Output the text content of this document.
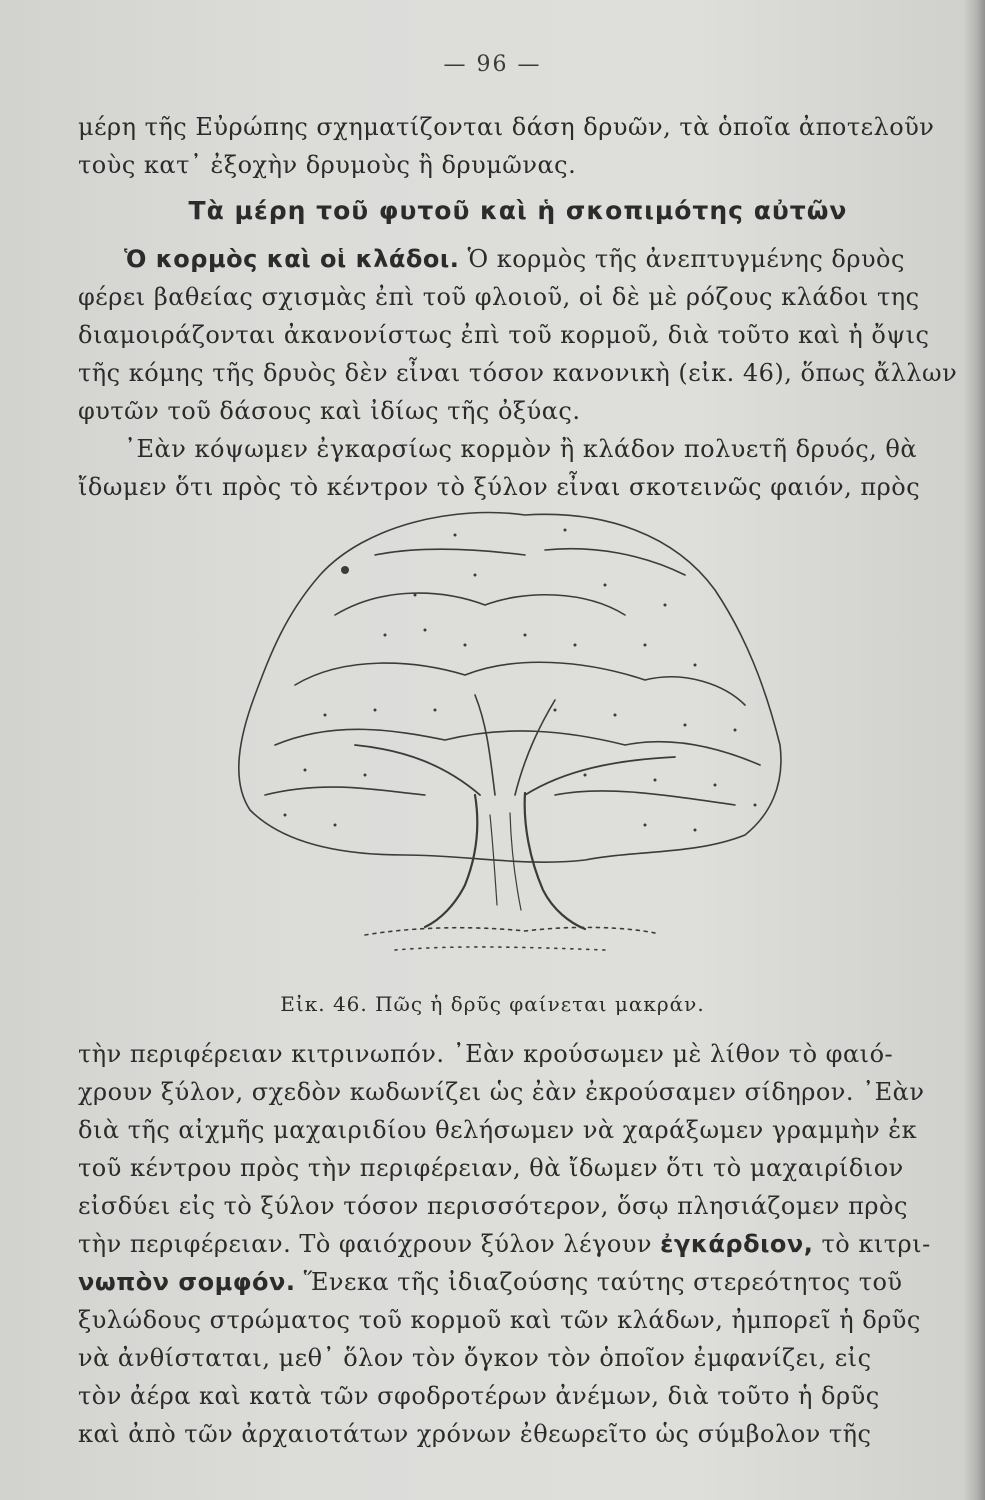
— 96 —
μέρη τῆς Εὐρώπης σχηματίζονται δάση δρυῶν, τὰ ὁποῖα ἀποτελοῦν
τοὺς κατ᾿ ἐξοχὴν δρυμοὺς ἢ δρυμῶνας.
Τὰ μέρη τοῦ φυτοῦ καὶ ἡ σκοπιμότης αὐτῶν
Ὁ κορμὸς καὶ οἱ κλάδοι. Ὁ κορμὸς τῆς ἀνεπτυγμένης δρυὸς
φέρει βαθείας σχισμὰς ἐπὶ τοῦ φλοιοῦ, οἱ δὲ μὲ ρόζους κλάδοι της
διαμοιράζονται ἀκανονίστως ἐπὶ τοῦ κορμοῦ, διὰ τοῦτο καὶ ἡ ὄψις
τῆς κόμης τῆς δρυὸς δὲν εἶναι τόσον κανονικὴ (εἰκ. 46), ὅπως ἄλλων
φυτῶν τοῦ δάσους καὶ ἰδίως τῆς ὀξύας.
᾿Εὰν κόψωμεν ἐγκαρσίως κορμὸν ἢ κλάδον πολυετῆ δρυός, θὰ
ἴδωμεν ὅτι πρὸς τὸ κέντρον τὸ ξύλον εἶναι σκοτεινῶς φαιόν, πρὸς
Εἰκ. 46. Πῶς ἡ δρῦς φαίνεται μακράν.
τὴν περιφέρειαν κιτρινωπόν. ᾿Εὰν κρούσωμεν μὲ λίθον τὸ φαιό-
χρουν ξύλον, σχεδὸν κωδωνίζει ὡς ἐὰν ἐκρούσαμεν σίδηρον. ᾿Εὰν
διὰ τῆς αἰχμῆς μαχαιριδίου θελήσωμεν νὰ χαράξωμεν γραμμὴν ἐκ
τοῦ κέντρου πρὸς τὴν περιφέρειαν, θὰ ἴδωμεν ὅτι τὸ μαχαιρίδιον
εἰσδύει εἰς τὸ ξύλον τόσον περισσότερον, ὅσῳ πλησιάζομεν πρὸς
τὴν περιφέρειαν. Τὸ φαιόχρουν ξύλον λέγουν ἐγκάρδιον, τὸ κιτρι-
νωπὸν σομφόν. Ἕνεκα τῆς ἰδιαζούσης ταύτης στερεότητος τοῦ
ξυλώδους στρώματος τοῦ κορμοῦ καὶ τῶν κλάδων, ἠμπορεῖ ἡ δρῦς
νὰ ἀνθίσταται, μεθ᾿ ὅλον τὸν ὄγκον τὸν ὁποῖον ἐμφανίζει, εἰς
τὸν ἀέρα καὶ κατὰ τῶν σφοδροτέρων ἀνέμων, διὰ τοῦτο ἡ δρῦς
καὶ ἀπὸ τῶν ἀρχαιοτάτων χρόνων ἐθεωρεῖτο ὡς σύμβολον τῆς
